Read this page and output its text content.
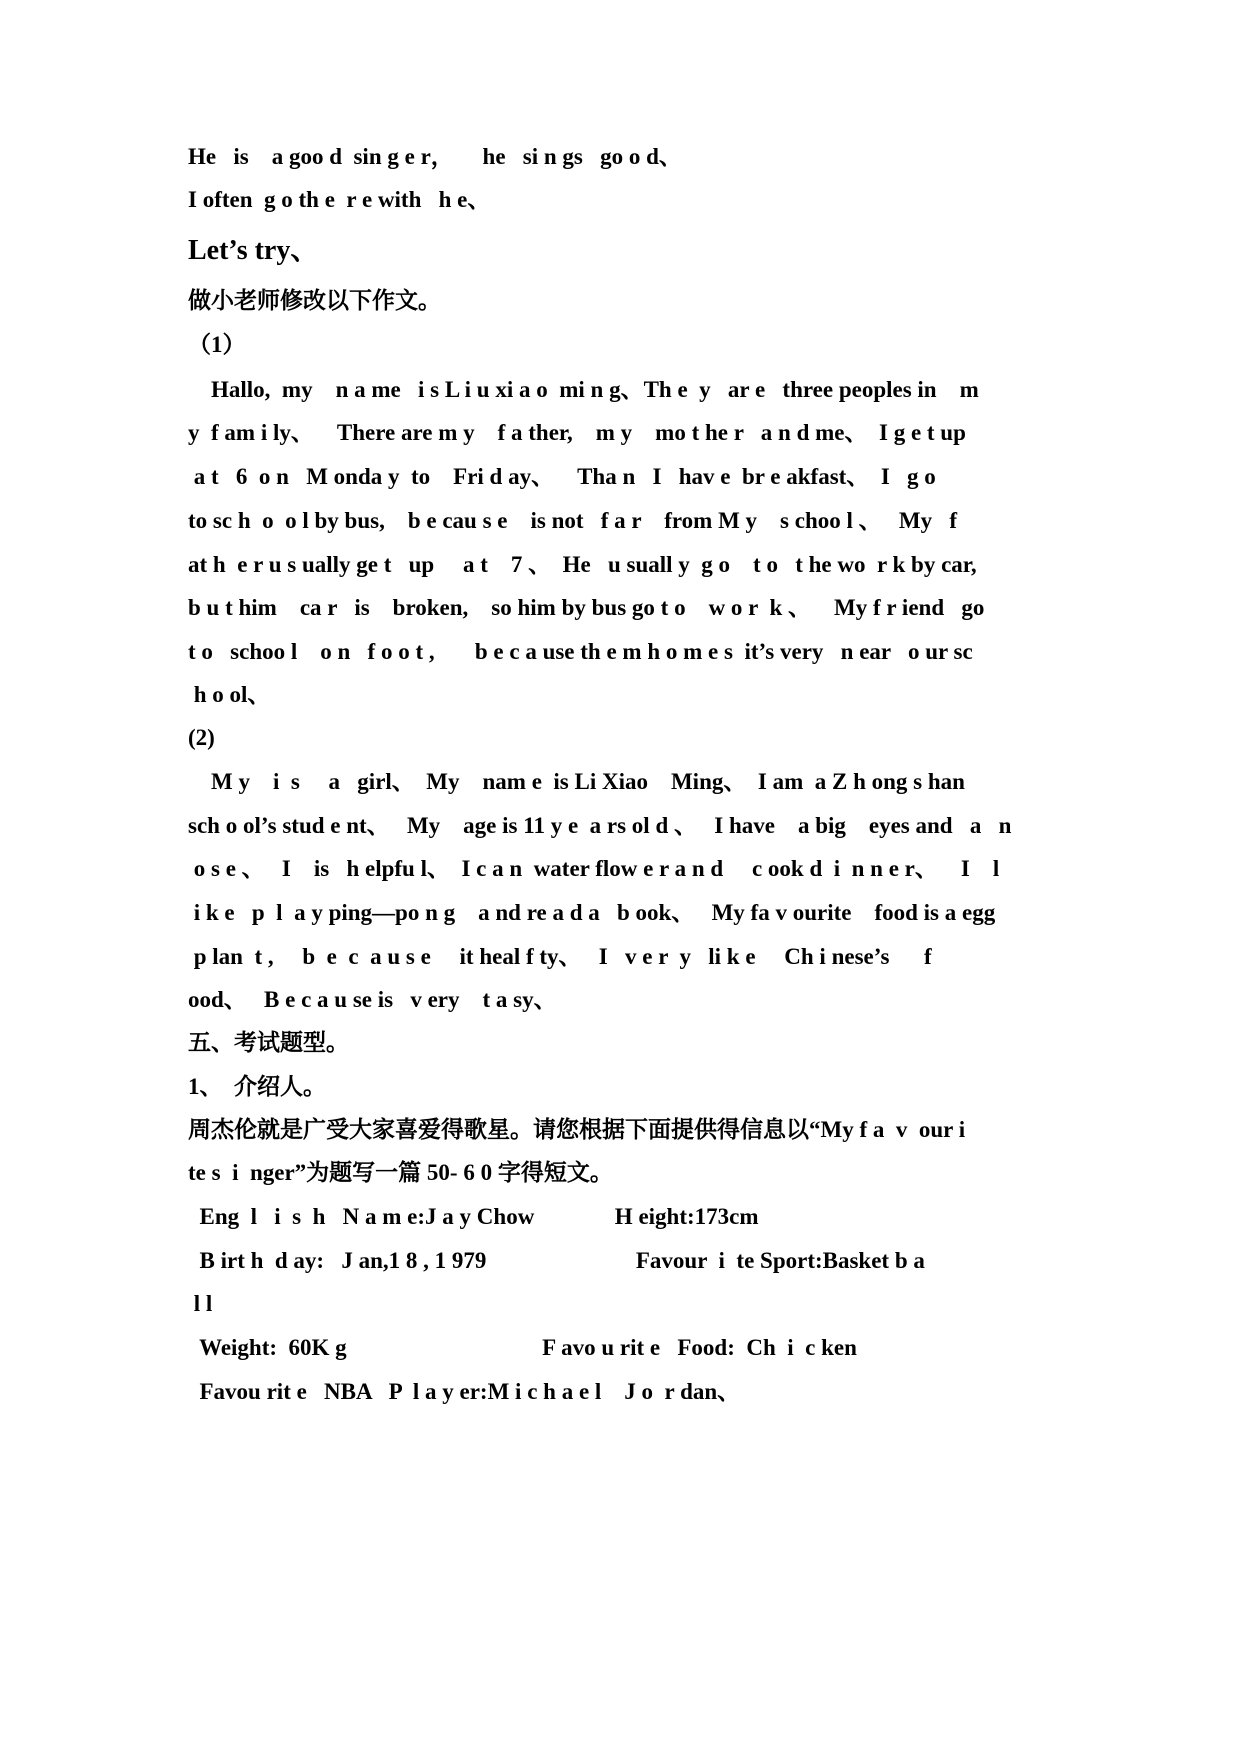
He   is    a goo d  sin g e r，     he   si n gs   go o d、
I often  g o th e  r e with   h e、
Let’s try、
做小老师修改以下作文。
（1）
Hallo,  my    n a me   i s L i u xi a o  mi n g、Th e  y   ar e   three peoples in    m
y  f am i ly、    There are m y    f a ther,    m y    mo t he r   a n d me、  I g e t up
a t   6  o n   M onda y  to    Fri d ay、    Tha n   I   hav e  br e akfast、  I   g o
to sc h  o  o l by bus,    b e cau s e    is not   f a r    from M y    s choo l 、   My   f
at h  e r u s ually ge t   up     a t    7 、  He   u suall y  g o    t o   t he wo  r k by car,
b u t him    ca r   is    broken,    so him by bus go t o    w o r  k 、    My f r iend   go
t o   schoo l    o n   f o o t ,       b e c a use th e m h o m e s  it’s very   n ear   o ur sc
h o ol、
(2)
M y    i  s     a   girl、  My    nam e  is Li Xiao    Ming、  I am  a Z h ong s han
sch o ol’s stud e nt、   My    age is 11 y e  a rs ol d 、   I have    a big    eyes and   a   n
o s e 、   I    is   h elpfu l、  I c a n  water flow e r a n d     c ook d  i  n n e r、    I    l
i k e   p  l  a y ping—po n g    a nd re a d a   b ook、   My fa v ourite    food is a egg
p lan  t ,     b  e  c  a u s e     it heal f ty、   I   v e r  y   li k e     Ch i nese’s      f
ood、   B e c a u se is   v ery    t a sy、
五、考试题型。
1、  介绍人。
周杰伦就是广受大家喜爱得歌星。请您根据下面提供得信息以“My f a  v  our i
te s  i  nger”为题写一篇 50- 6 0 字得短文。
Eng  l   i  s  h   N a m e:J a y Chow              H eight:173cm
B irt h  d ay:   J an,1 8 , 1 979                          Favour  i  te Sport:Basket b a
l l
Weight:  60K g                                  F avo u rit e   Food:  Ch  i  c ken
Favou rit e   NBA   P  l a y er:M i c h a e l    J o  r dan、
